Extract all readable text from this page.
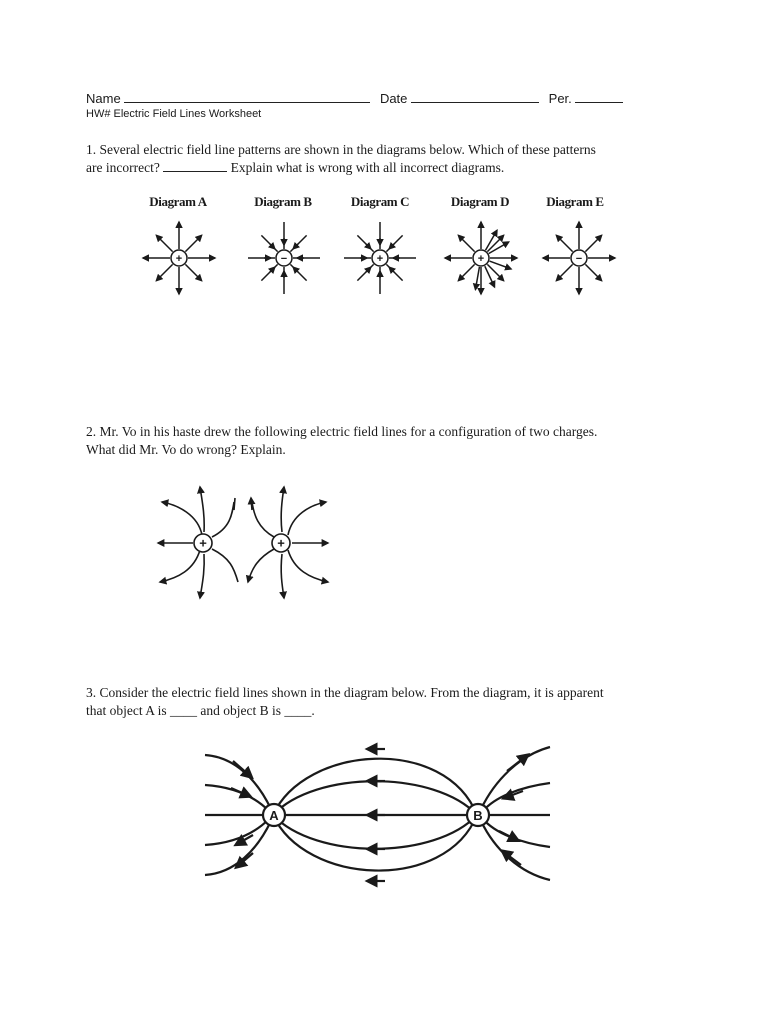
Name	Date	Per.
HW# Electric Field Lines Worksheet
1. Several electric field line patterns are shown in the diagrams below. Which of these patterns
are incorrect?	Explain what is wrong with all incorrect diagrams.
Diagram A	Diagram B	Diagram C	Diagram D	Diagram E
+	−	+	+	−
2. Mr. Vo in his haste drew the following electric field lines for a configuration of two charges.
What did Mr. Vo do wrong? Explain.
+	+
3. Consider the electric field lines shown in the diagram below. From the diagram, it is apparent
that object A is ____ and object B is ____.
A	B
